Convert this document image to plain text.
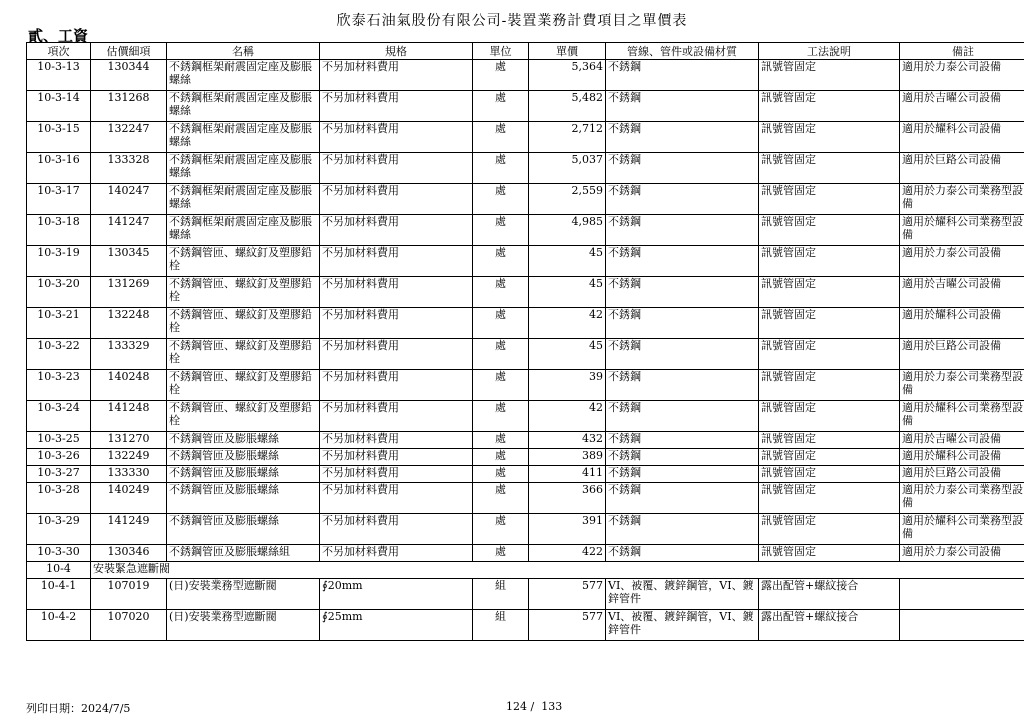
欣泰石油氣股份有限公司-裝置業務計費項目之單價表
貳、工資
項次	估價細項	名稱	規格	單位	單價	管線、管件或設備材質	工法說明	備註
10-3-13	130344	不銹鋼框架耐震固定座及膨脹螺絲	不另加材料費用	處	5,364	不銹鋼	訊號管固定	適用於力泰公司設備
10-3-14	131268	不銹鋼框架耐震固定座及膨脹螺絲	不另加材料費用	處	5,482	不銹鋼	訊號管固定	適用於吉曜公司設備
10-3-15	132247	不銹鋼框架耐震固定座及膨脹螺絲	不另加材料費用	處	2,712	不銹鋼	訊號管固定	適用於耀科公司設備
10-3-16	133328	不銹鋼框架耐震固定座及膨脹螺絲	不另加材料費用	處	5,037	不銹鋼	訊號管固定	適用於巨路公司設備
10-3-17	140247	不銹鋼框架耐震固定座及膨脹螺絲	不另加材料費用	處	2,559	不銹鋼	訊號管固定	適用於力泰公司業務型設備
10-3-18	141247	不銹鋼框架耐震固定座及膨脹螺絲	不另加材料費用	處	4,985	不銹鋼	訊號管固定	適用於耀科公司業務型設備
10-3-19	130345	不銹鋼管匝、螺紋釘及塑膠鉛栓	不另加材料費用	處	45	不銹鋼	訊號管固定	適用於力泰公司設備
10-3-20	131269	不銹鋼管匝、螺紋釘及塑膠鉛栓	不另加材料費用	處	45	不銹鋼	訊號管固定	適用於吉曜公司設備
10-3-21	132248	不銹鋼管匝、螺紋釘及塑膠鉛栓	不另加材料費用	處	42	不銹鋼	訊號管固定	適用於耀科公司設備
10-3-22	133329	不銹鋼管匝、螺紋釘及塑膠鉛栓	不另加材料費用	處	45	不銹鋼	訊號管固定	適用於巨路公司設備
10-3-23	140248	不銹鋼管匝、螺紋釘及塑膠鉛栓	不另加材料費用	處	39	不銹鋼	訊號管固定	適用於力泰公司業務型設備
10-3-24	141248	不銹鋼管匝、螺紋釘及塑膠鉛栓	不另加材料費用	處	42	不銹鋼	訊號管固定	適用於耀科公司業務型設備
10-3-25	131270	不銹鋼管匝及膨脹螺絲	不另加材料費用	處	432	不銹鋼	訊號管固定	適用於吉曜公司設備
10-3-26	132249	不銹鋼管匝及膨脹螺絲	不另加材料費用	處	389	不銹鋼	訊號管固定	適用於耀科公司設備
10-3-27	133330	不銹鋼管匝及膨脹螺絲	不另加材料費用	處	411	不銹鋼	訊號管固定	適用於巨路公司設備
10-3-28	140249	不銹鋼管匝及膨脹螺絲	不另加材料費用	處	366	不銹鋼	訊號管固定	適用於力泰公司業務型設備
10-3-29	141249	不銹鋼管匝及膨脹螺絲	不另加材料費用	處	391	不銹鋼	訊號管固定	適用於耀科公司業務型設備
10-3-30	130346	不銹鋼管匝及膨脹螺絲組	不另加材料費用	處	422	不銹鋼	訊號管固定	適用於力泰公司設備
10-4	安裝緊急遮斷閥							
10-4-1	107019	(日)安裝業務型遮斷閥	∮20mm	組	577	VI、被覆、鍍鋅鋼管，VI、鍍鋅管件	露出配管+螺紋接合	
10-4-2	107020	(日)安裝業務型遮斷閥	∮25mm	組	577	VI、被覆、鍍鋅鋼管，VI、鍍鋅管件	露出配管+螺紋接合	
列印日期：2024/7/5	124 /  133
